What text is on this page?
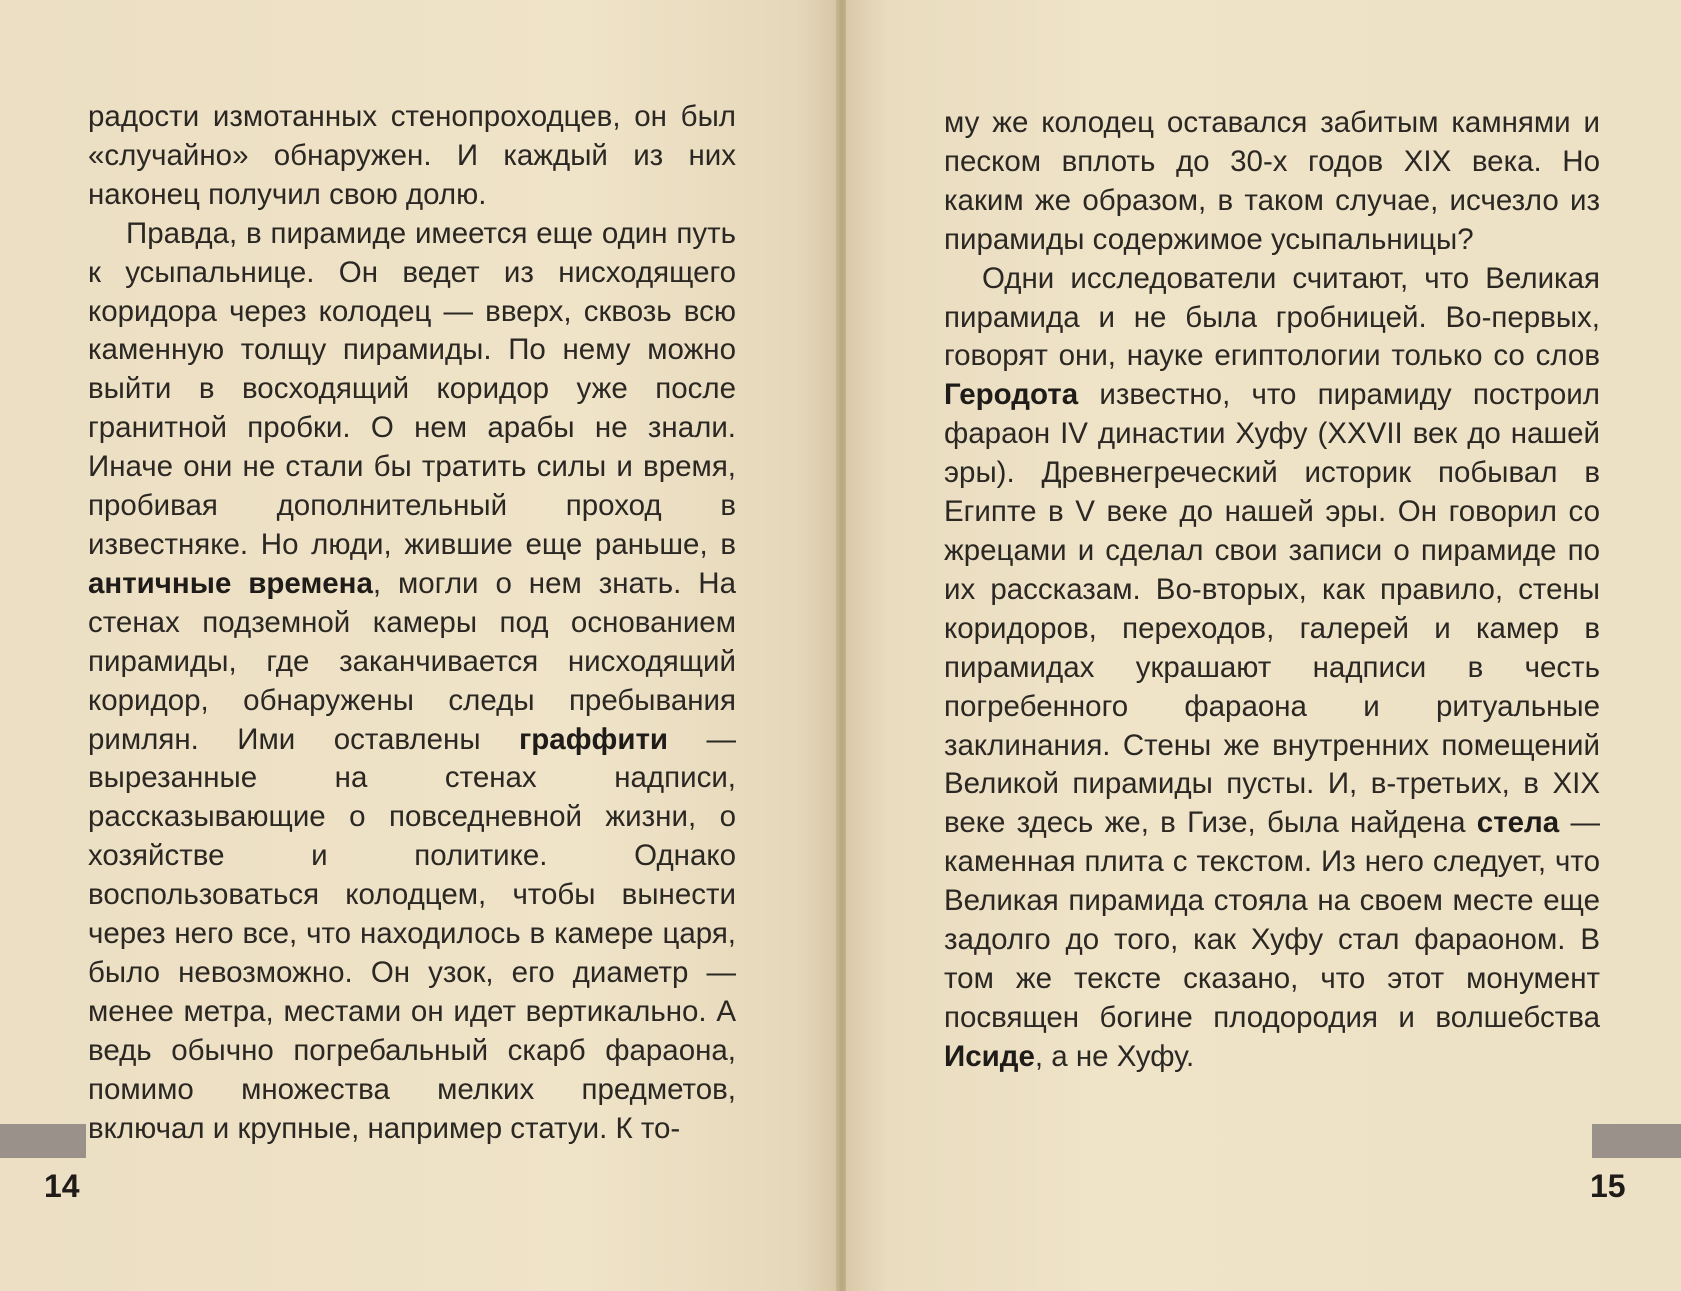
радости измотанных стенопроходцев, он был «случайно» обнаружен. И каждый из них наконец получил свою долю.

Правда, в пирамиде имеется еще один путь к усыпальнице. Он ведет из нисходящего коридора через колодец — вверх, сквозь всю каменную толщу пирамиды. По нему можно выйти в восходящий коридор уже после гранитной пробки. О нем арабы не знали. Иначе они не стали бы тратить силы и время, пробивая дополнительный проход в известняке. Но люди, жившие еще раньше, в античные времена, могли о нем знать. На стенах подземной камеры под основанием пирамиды, где заканчивается нисходящий коридор, обнаружены следы пребывания римлян. Ими оставлены граффити — вырезанные на стенах надписи, рассказывающие о повседневной жизни, о хозяйстве и политике. Однако воспользоваться колодцем, чтобы вынести через него все, что находилось в камере царя, было невозможно. Он узок, его диаметр — менее метра, местами он идет вертикально. А ведь обычно погребальный скарб фараона, помимо множества мелких предметов, включал и крупные, например статуи. К то-

14

му же колодец оставался забитым камнями и песком вплоть до 30-х годов XIX века. Но каким же образом, в таком случае, исчезло из пирамиды содержимое усыпальницы?

Одни исследователи считают, что Великая пирамида и не была гробницей. Во-первых, говорят они, науке египтологии только со слов Геродота известно, что пирамиду построил фараон IV династии Хуфу (XXVII век до нашей эры). Древнегреческий историк побывал в Египте в V веке до нашей эры. Он говорил со жрецами и сделал свои записи о пирамиде по их рассказам. Во-вторых, как правило, стены коридоров, переходов, галерей и камер в пирамидах украшают надписи в честь погребенного фараона и ритуальные заклинания. Стены же внутренних помещений Великой пирамиды пусты. И, в-третьих, в XIX веке здесь же, в Гизе, была найдена стела — каменная плита с текстом. Из него следует, что Великая пирамида стояла на своем месте еще задолго до того, как Хуфу стал фараоном. В том же тексте сказано, что этот монумент посвящен богине плодородия и волшебства Исиде, а не Хуфу.

15
